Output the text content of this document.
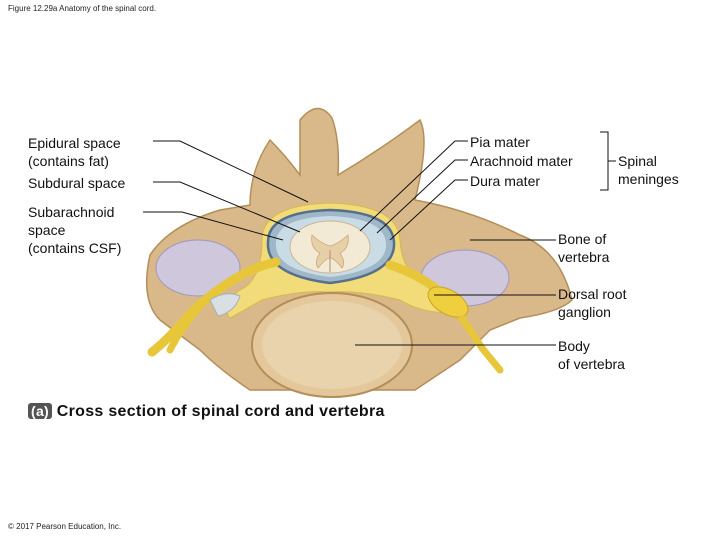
Figure 12.29a Anatomy of the spinal cord.
Epidural space
(contains fat)
Subdural space
Subarachnoid
space
(contains CSF)
Pia mater
Arachnoid mater
Dura mater
Spinal
meninges
Bone of
vertebra
Dorsal root
ganglion
Body
of vertebra
(a) Cross section of spinal cord and vertebra
© 2017 Pearson Education, Inc.
